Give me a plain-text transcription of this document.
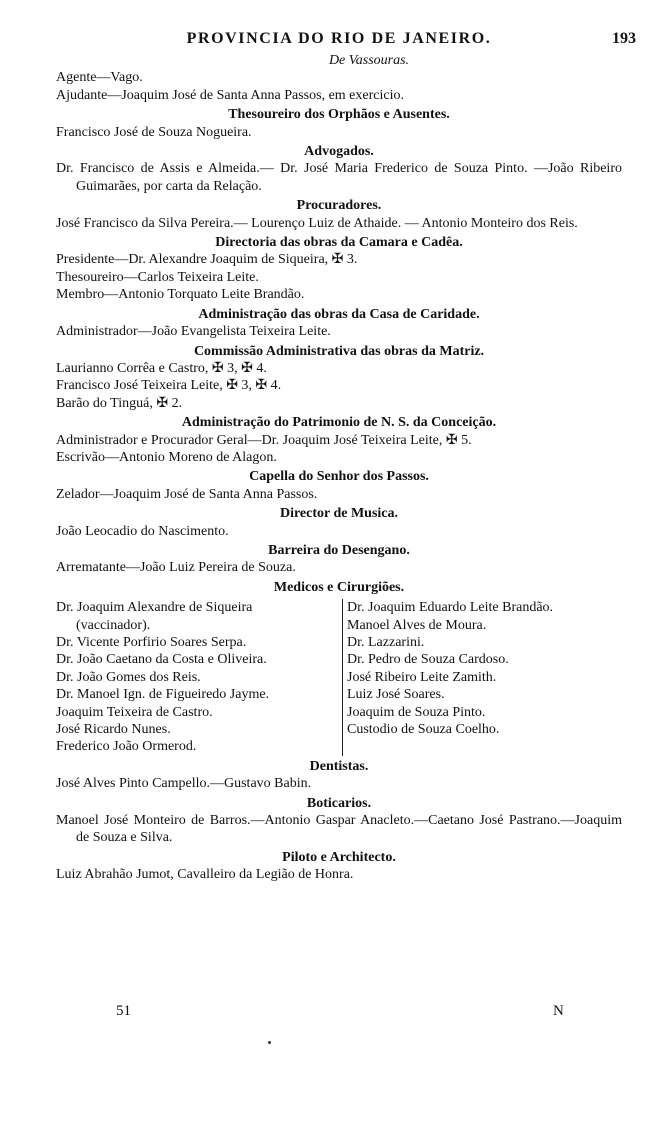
PROVINCIA DO RIO DE JANEIRO.	193
De Vassouras.

Agente—Vago.

Ajudante—Joaquim José de Santa Anna Passos, em exercicio.

Thesoureiro dos Orphãos e Ausentes.

Francisco José de Souza Nogueira.

Advogados.

Dr. Francisco de Assis e Almeida.— Dr. José Maria Frederico de Souza Pinto. —João Ribeiro Guimarães, por carta da Relação.

Procuradores.

José Francisco da Silva Pereira.— Lourenço Luiz de Athaide. — Antonio Monteiro dos Reis.

Directoria das obras da Camara e Cadêa.

Presidente—Dr. Alexandre Joaquim de Siqueira, ✠ 3.

Thesoureiro—Carlos Teixeira Leite.

Membro—Antonio Torquato Leite Brandão.

Administração das obras da Casa de Caridade.

Administrador—João Evangelista Teixeira Leite.

Commissão Administrativa das obras da Matriz.

Laurianno Corrêa e Castro, ✠ 3, ✠ 4.

Francisco José Teixeira Leite, ✠ 3, ✠ 4.

Barão do Tinguá, ✠ 2.

Administração do Patrimonio de N. S. da Conceição.

Administrador e Procurador Geral—Dr. Joaquim José Teixeira Leite, ✠ 5.

Escrivão—Antonio Moreno de Alagon.

Capella do Senhor dos Passos.

Zelador—Joaquim José de Santa Anna Passos.

Director de Musica.

João Leocadio do Nascimento.

Barreira do Desengano.

Arrematante—João Luiz Pereira de Souza.

Medicos e Cirurgiões.

Dr. Joaquim Alexandre de Siqueira

(vaccinador).

Dr. Vicente Porfirio Soares Serpa.

Dr. João Caetano da Costa e Oliveira.

Dr. João Gomes dos Reis.

Dr. Manoel Ign. de Figueiredo Jayme.

Joaquim Teixeira de Castro.

José Ricardo Nunes.

Frederico João Ormerod.

Dr. Joaquim Eduardo Leite Brandão.

Manoel Alves de Moura.

Dr. Lazzarini.

Dr. Pedro de Souza Cardoso.

José Ribeiro Leite Zamith.

Luiz José Soares.

Joaquim de Souza Pinto.

Custodio de Souza Coelho.

Dentistas.

José Alves Pinto Campello.—Gustavo Babin.

Boticarios.

Manoel José Monteiro de Barros.—Antonio Gaspar Anacleto.—Caetano José Pastrano.—Joaquim de Souza e Silva.

Piloto e Architecto.

Luiz Abrahão Jumot, Cavalleiro da Legião de Honra.

51	N
